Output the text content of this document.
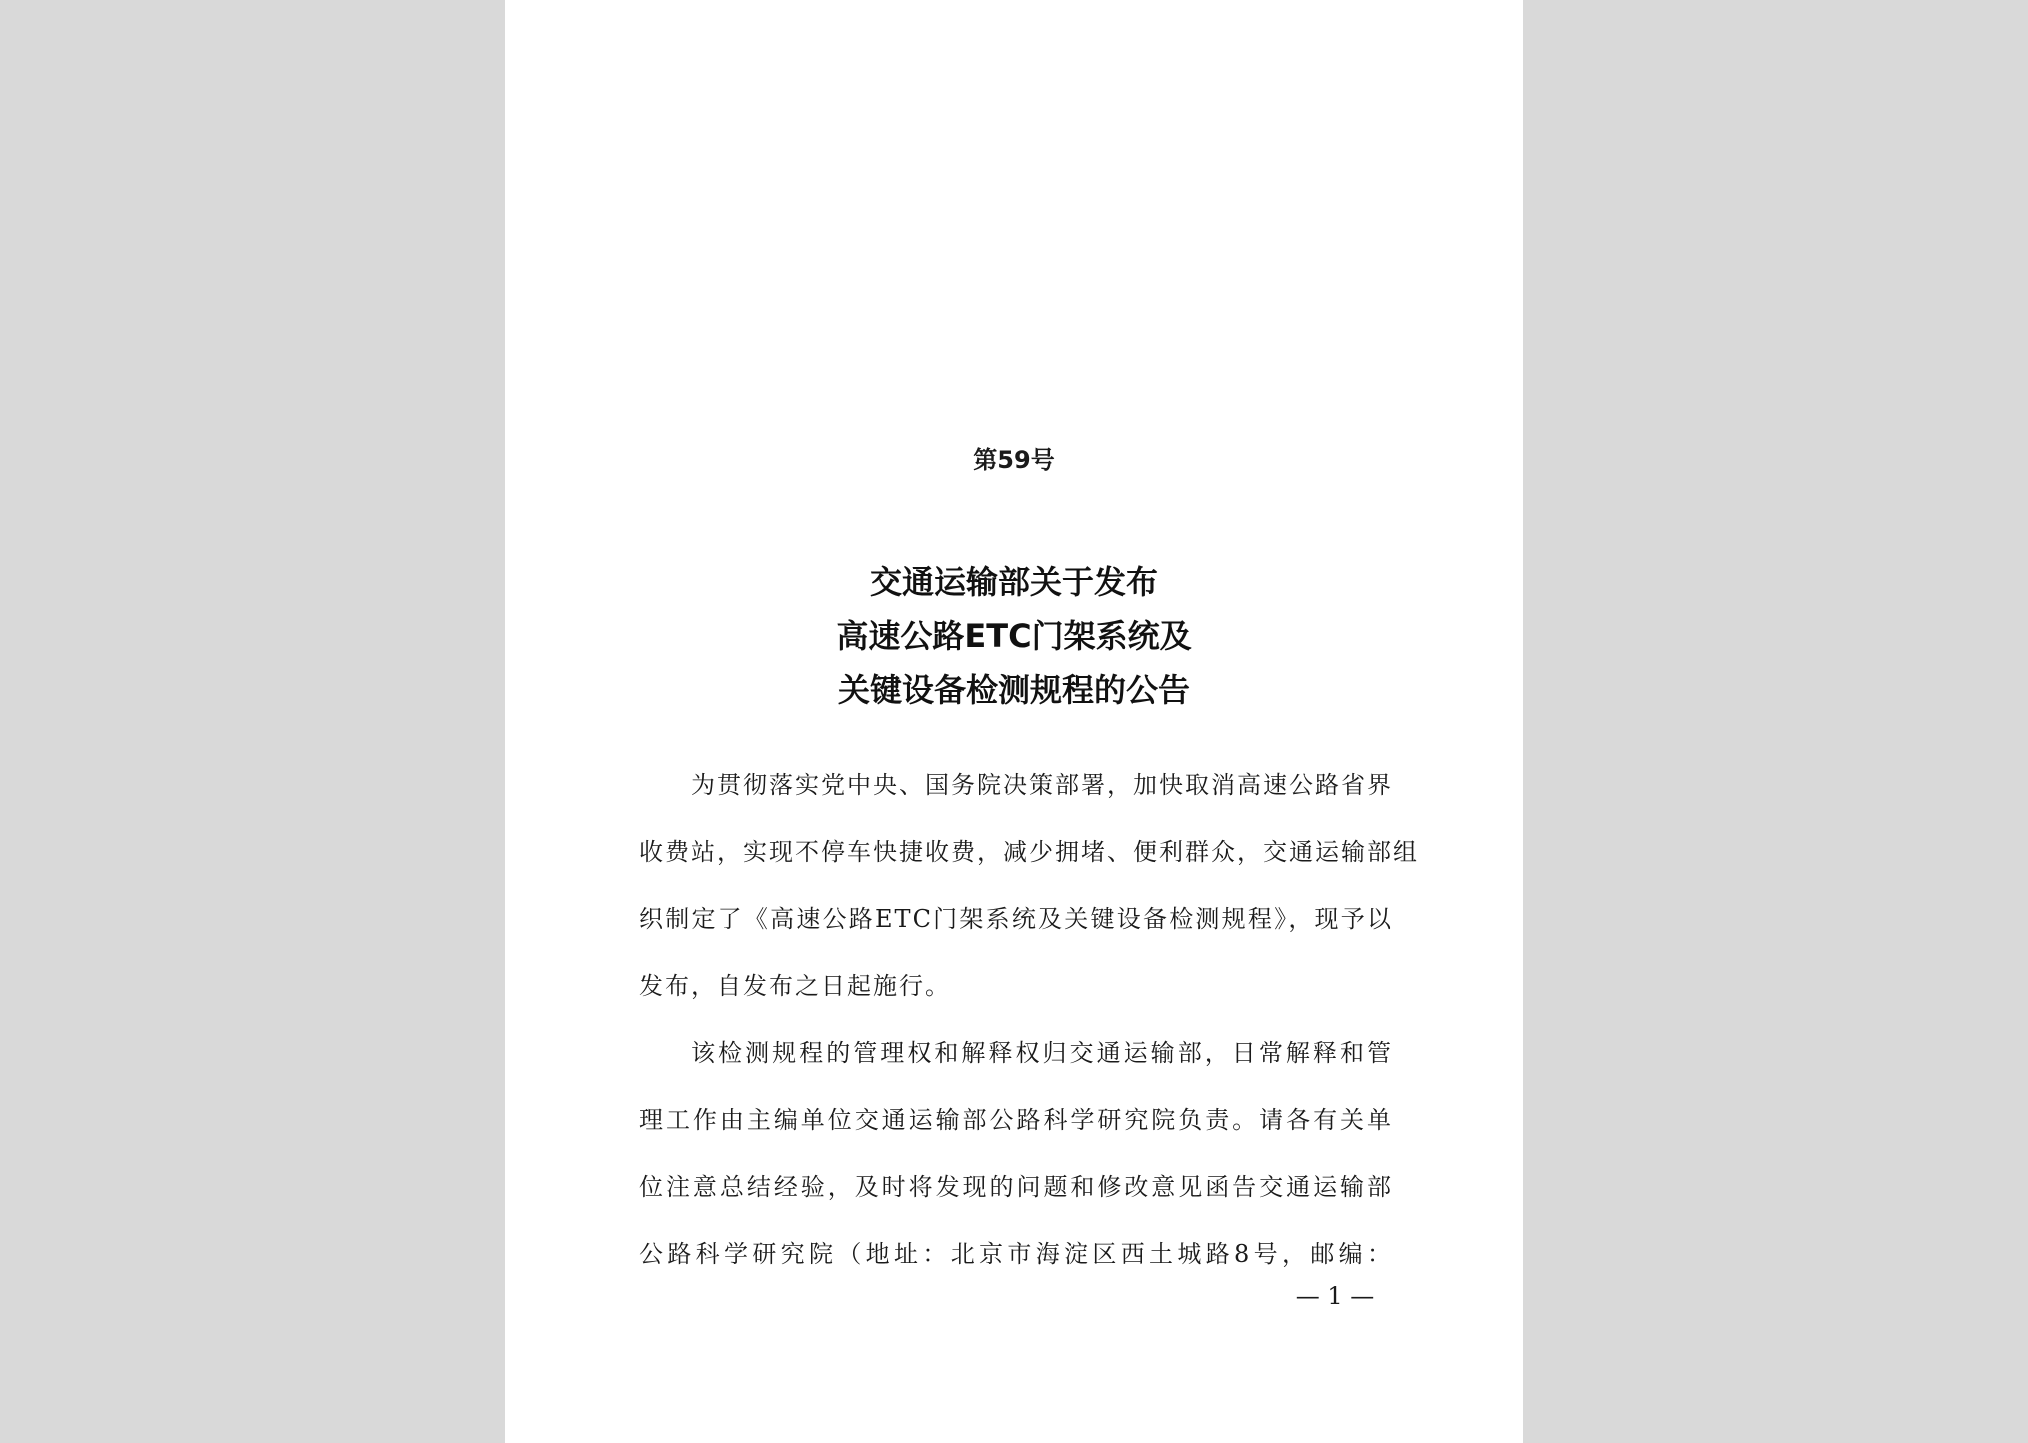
第59号
交通运输部关于发布
高速公路ETC门架系统及
关键设备检测规程的公告
为贯彻落实党中央、国务院决策部署，加快取消高速公路省界
收费站，实现不停车快捷收费，减少拥堵、便利群众，交通运输部组
织制定了《高速公路ETC门架系统及关键设备检测规程》，现予以
发布，自发布之日起施行。
该检测规程的管理权和解释权归交通运输部，日常解释和管
理工作由主编单位交通运输部公路科学研究院负责。请各有关单
位注意总结经验，及时将发现的问题和修改意见函告交通运输部
公路科学研究院（地址：北京市海淀区西土城路8号，邮编：
— 1 —
